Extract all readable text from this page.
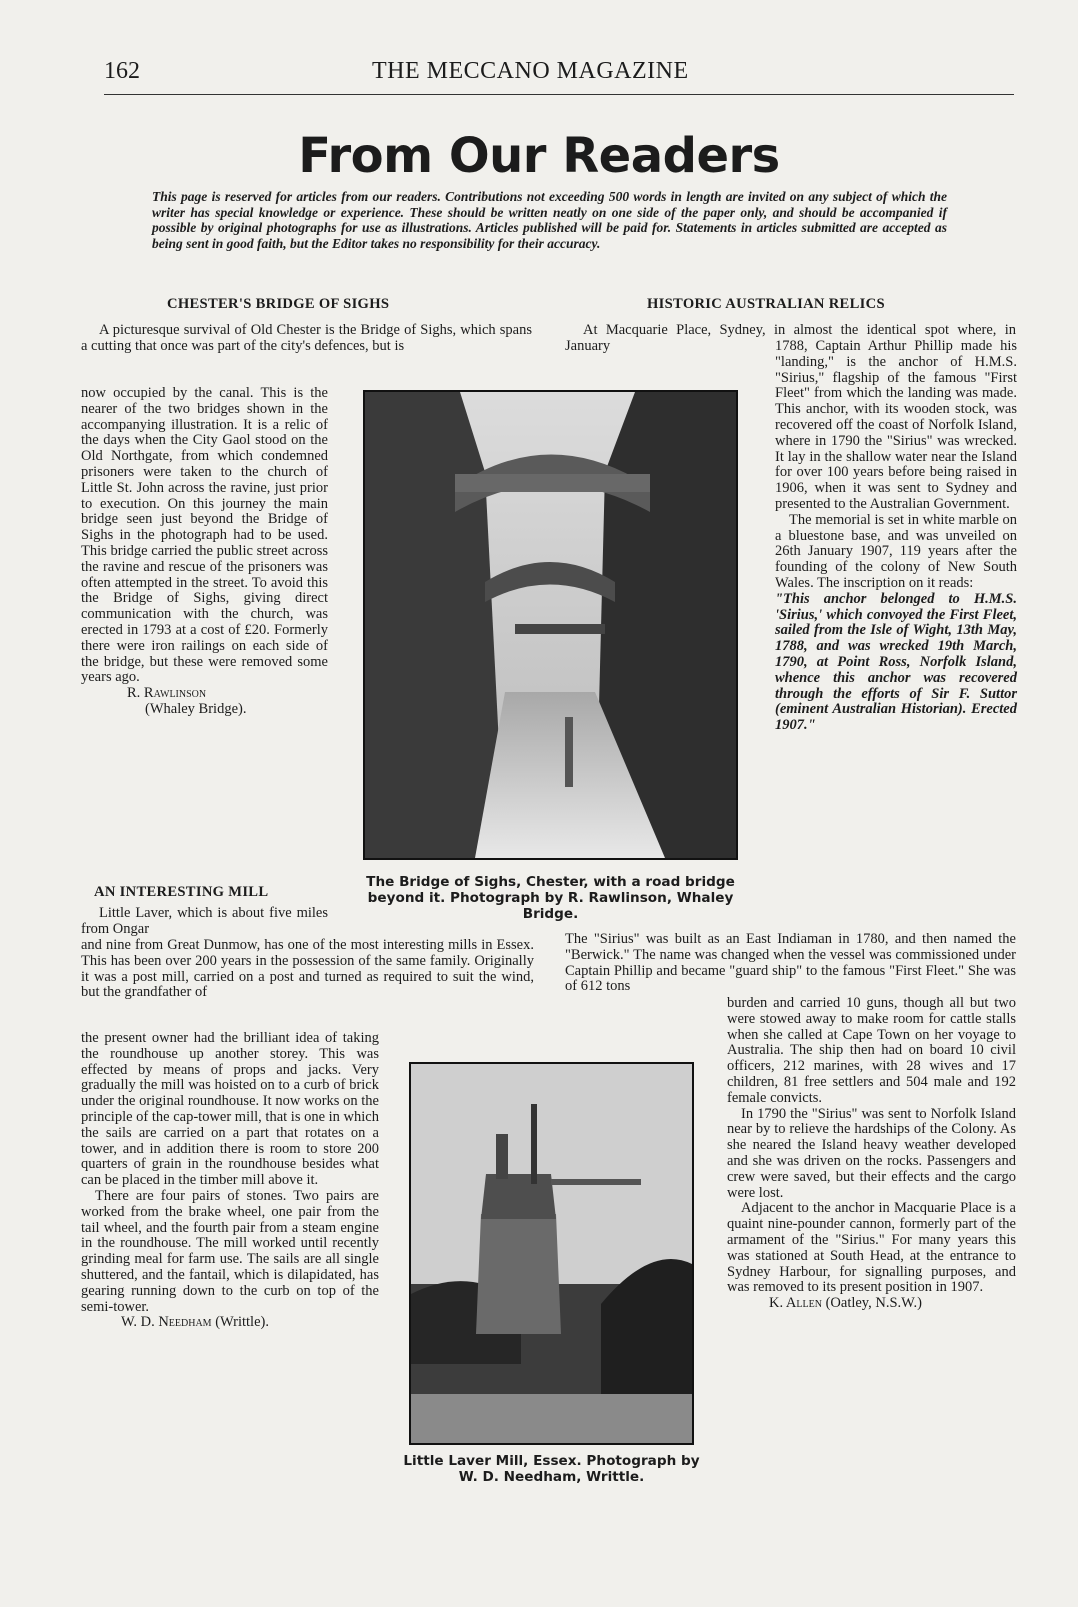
162	THE MECCANO MAGAZINE
From Our Readers
This page is reserved for articles from our readers. Contributions not exceeding 500 words in length are invited on any subject of which the writer has special knowledge or experience. These should be written neatly on one side of the paper only, and should be accompanied if possible by original photographs for use as illustrations. Articles published will be paid for. Statements in articles submitted are accepted as being sent in good faith, but the Editor takes no responsibility for their accuracy.
CHESTER'S BRIDGE OF SIGHS
A picturesque survival of Old Chester is the Bridge of Sighs, which spans a cutting that once was part of the city's defences, but is
now occupied by the canal. This is the nearer of the two bridges shown in the accompanying illustration. It is a relic of the days when the City Gaol stood on the Old Northgate, from which condemned prisoners were taken to the church of Little St. John across the ravine, just prior to execution. On this journey the main bridge seen just beyond the Bridge of Sighs in the photograph had to be used. This bridge carried the public street across the ravine and rescue of the prisoners was often attempted in the street. To avoid this the Bridge of Sighs, giving direct communication with the church, was erected in 1793 at a cost of £20. Formerly there were iron railings on each side of the bridge, but these were removed some years ago.
R. Rawlinson
(Whaley Bridge).
The Bridge of Sighs, Chester, with a road bridge beyond it. Photograph by R. Rawlinson, Whaley Bridge.
AN INTERESTING MILL
Little Laver, which is about five miles from Ongar
and nine from Great Dunmow, has one of the most interesting mills in Essex. This has been over 200 years in the possession of the same family. Originally it was a post mill, carried on a post and turned as required to suit the wind, but the grandfather of
the present owner had the brilliant idea of taking the roundhouse up another storey. This was effected by means of props and jacks. Very gradually the mill was hoisted on to a curb of brick under the original roundhouse. It now works on the principle of the cap-tower mill, that is one in which the sails are carried on a part that rotates on a tower, and in addition there is room to store 200 quarters of grain in the roundhouse besides what can be placed in the timber mill above it.

There are four pairs of stones. Two pairs are worked from the brake wheel, one pair from the tail wheel, and the fourth pair from a steam engine in the roundhouse. The mill worked until recently grinding meal for farm use. The sails are all single shuttered, and the fantail, which is dilapidated, has gearing running down to the curb on top of the semi-tower.

W. D. Needham (Writtle).
Little Laver Mill, Essex. Photograph by W. D. Needham, Writtle.
HISTORIC AUSTRALIAN RELICS
At Macquarie Place, Sydney, in almost the identical spot where, in January	1788, Captain Arthur Phillip made his "landing," is the anchor of H.M.S. "Sirius," flagship of the famous "First Fleet" from which the landing was made. This anchor, with its wooden stock, was recovered off the coast of Norfolk Island, where in 1790 the "Sirius" was wrecked. It lay in the shallow water near the Island for over 100 years before being raised in 1906, when it was sent to Sydney and presented to the Australian Government.

The memorial is set in white marble on a bluestone base, and was unveiled on 26th January 1907, 119 years after the founding of the colony of New South Wales. The inscription on it reads:

"This anchor belonged to H.M.S. 'Sirius,' which convoyed the First Fleet, sailed from the Isle of Wight, 13th May, 1788, and was wrecked 19th March, 1790, at Point Ross, Norfolk Island, whence this anchor was recovered through the efforts of Sir F. Suttor (eminent Australian Historian). Erected 1907."
The "Sirius" was built as an East Indiaman in 1780, and then named the "Berwick." The name was changed when the vessel was commissioned under Captain Phillip and became "guard ship" to the famous "First Fleet." She was of 612 tons
burden and carried 10 guns, though all but two were stowed away to make room for cattle stalls when she called at Cape Town on her voyage to Australia. The ship then had on board 10 civil officers, 212 marines, with 28 wives and 17 children, 81 free settlers and 504 male and 192 female convicts.

In 1790 the "Sirius" was sent to Norfolk Island near by to relieve the hardships of the Colony. As she neared the Island heavy weather developed and she was driven on the rocks. Passengers and crew were saved, but their effects and the cargo were lost.

Adjacent to the anchor in Macquarie Place is a quaint nine-pounder cannon, formerly part of the armament of the "Sirius." For many years this was stationed at South Head, at the entrance to Sydney Harbour, for signalling purposes, and was removed to its present position in 1907.

K. Allen (Oatley, N.S.W.)
